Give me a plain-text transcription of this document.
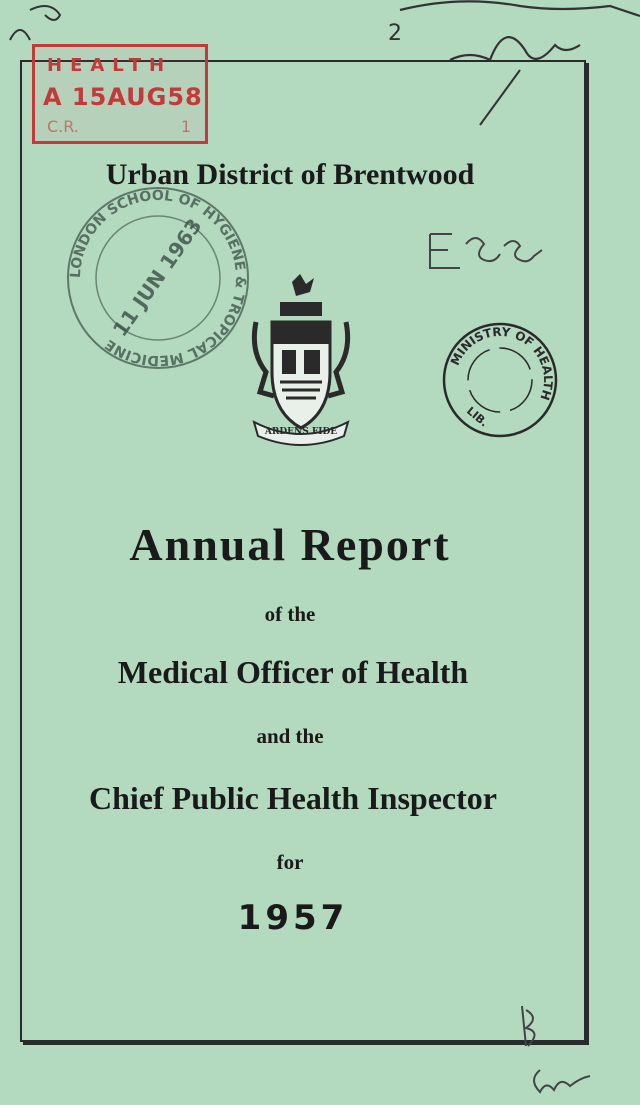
2
HEALTH
A 15AUG58
C.R.	1
Urban District of Brentwood
LONDON SCHOOL OF HYGIENE & TROPICAL MEDICINE
11 JUN 1963	Essex
ARDENS FIDE
MINISTRY OF HEALTH
LIB.
Annual Report
of the
Medical Officer of Health
and the
Chief Public Health Inspector
for
1957
